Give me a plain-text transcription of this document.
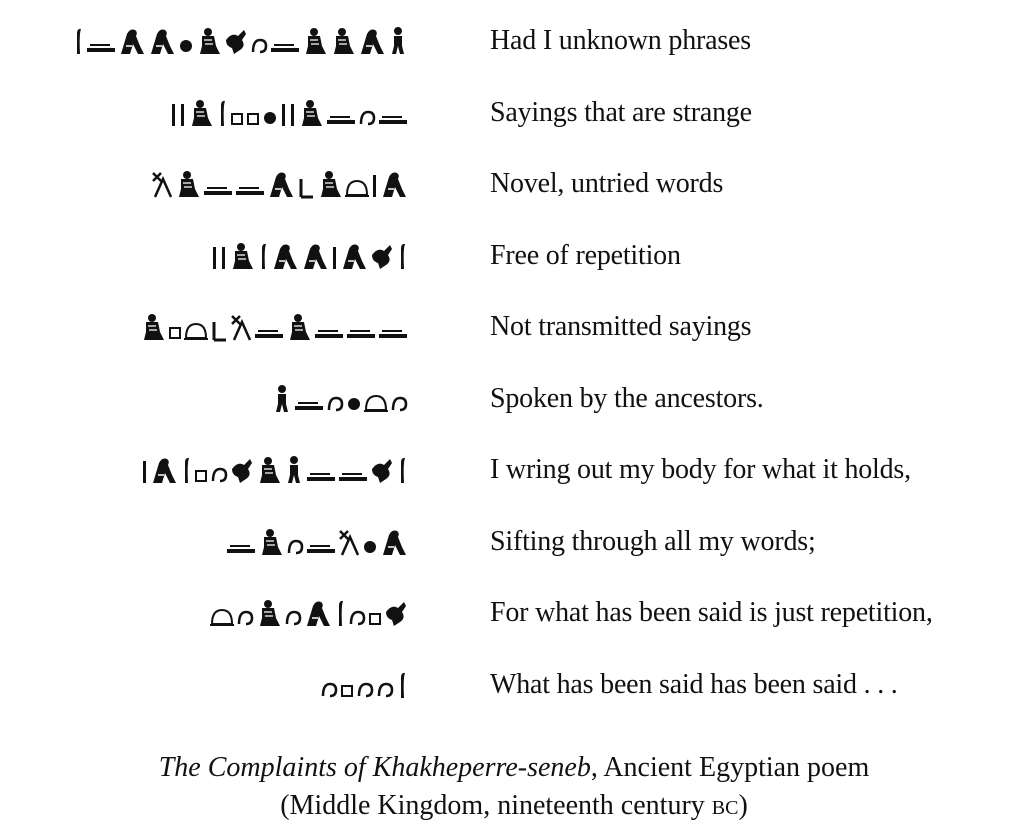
Had I unknown phrases
Sayings that are strange
Novel, untried words
Free of repetition
Not transmitted sayings
Spoken by the ancestors.
I wring out my body for what it holds,
Sifting through all my words;
For what has been said is just repetition,
What has been said has been said . . .
The Complaints of Khakheperre-seneb, Ancient Egyptian poem
(Middle Kingdom, nineteenth century bc)
